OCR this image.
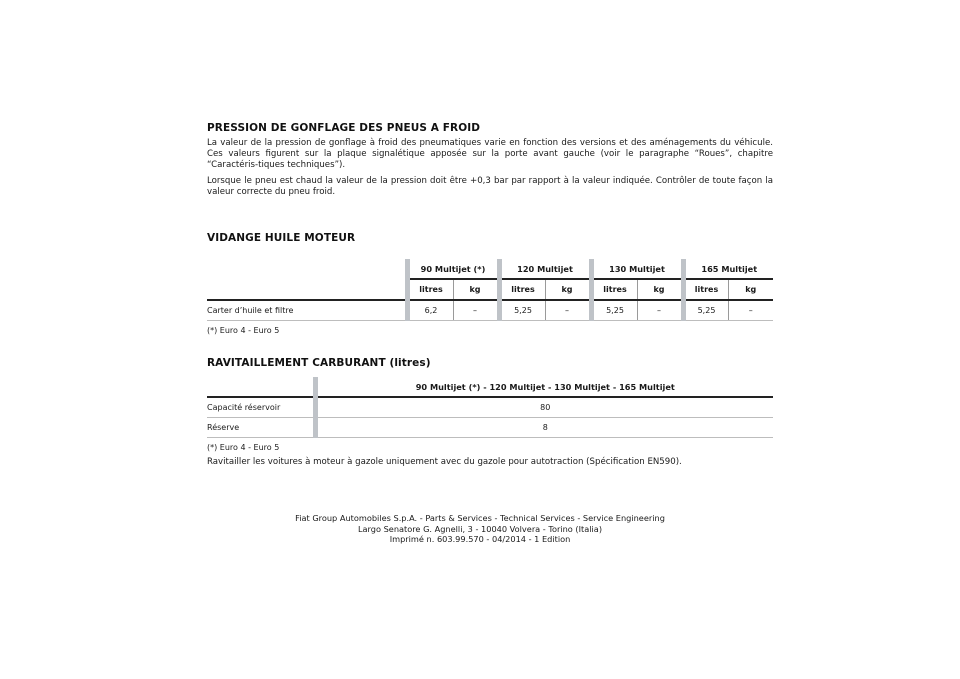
PRESSION DE GONFLAGE DES PNEUS A FROID

La valeur de la pression de gonflage à froid des pneumatiques varie en fonction des versions et des aménagements du véhicule. Ces valeurs figurent sur la plaque signalétique apposée sur la porte avant gauche (voir le paragraphe “Roues”, chapitre “Caractéris-tiques techniques”).

Lorsque le pneu est chaud la valeur de la pression doit être +0,3 bar par rapport à la valeur indiquée. Contrôler de toute façon la valeur correcte du pneu froid.

VIDANGE HUILE MOTEUR
	90 Multijet (*)		120 Multijet		130 Multijet		165 Multijet	
	litres	kg	litres	kg	litres	kg	litres	kg
Carter d’huile et filtre	6,2	–	5,25	–	5,25	–	5,25	–
(*) Euro 4 - Euro 5
RAVITAILLEMENT CARBURANT (litres)
	90 Multijet (*) - 120 Multijet - 130 Multijet - 165 Multijet
Capacité réservoir	80
Réserve	8
(*) Euro 4 - Euro 5

Ravitailler les voitures à moteur à gazole uniquement avec du gazole pour autotraction (Spécification EN590).

Fiat Group Automobiles S.p.A. - Parts & Services - Technical Services - Service Engineering
Largo Senatore G. Agnelli, 3 - 10040 Volvera - Torino (Italia)
Imprimé n. 603.99.570 - 04/2014 - 1 Edition
